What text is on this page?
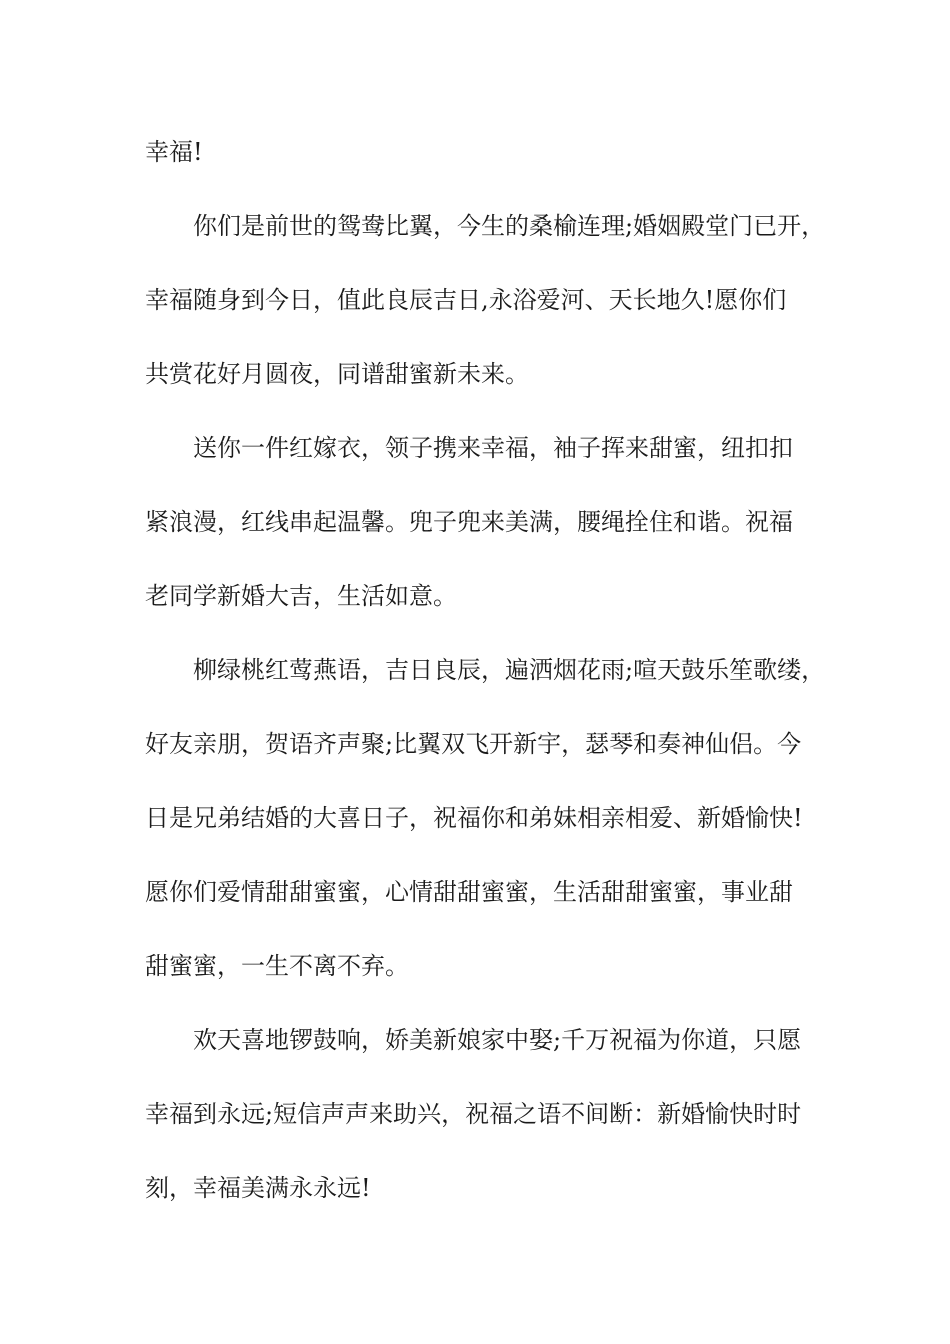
幸福!
你们是前世的鸳鸯比翼，今生的桑榆连理;婚姻殿堂门已开，
幸福随身到今日，值此良辰吉日,永浴爱河、天长地久!愿你们
共赏花好月圆夜，同谱甜蜜新未来。
送你一件红嫁衣，领子携来幸福，袖子挥来甜蜜，纽扣扣
紧浪漫，红线串起温馨。兜子兜来美满，腰绳拴住和谐。祝福
老同学新婚大吉，生活如意。
柳绿桃红莺燕语，吉日良辰，遍洒烟花雨;喧天鼓乐笙歌缕，
好友亲朋，贺语齐声聚;比翼双飞开新宇，瑟琴和奏神仙侣。今
日是兄弟结婚的大喜日子，祝福你和弟妹相亲相爱、新婚愉快!
愿你们爱情甜甜蜜蜜，心情甜甜蜜蜜，生活甜甜蜜蜜，事业甜
甜蜜蜜，一生不离不弃。
欢天喜地锣鼓响，娇美新娘家中娶;千万祝福为你道，只愿
幸福到永远;短信声声来助兴，祝福之语不间断：新婚愉快时时
刻，幸福美满永永远!
